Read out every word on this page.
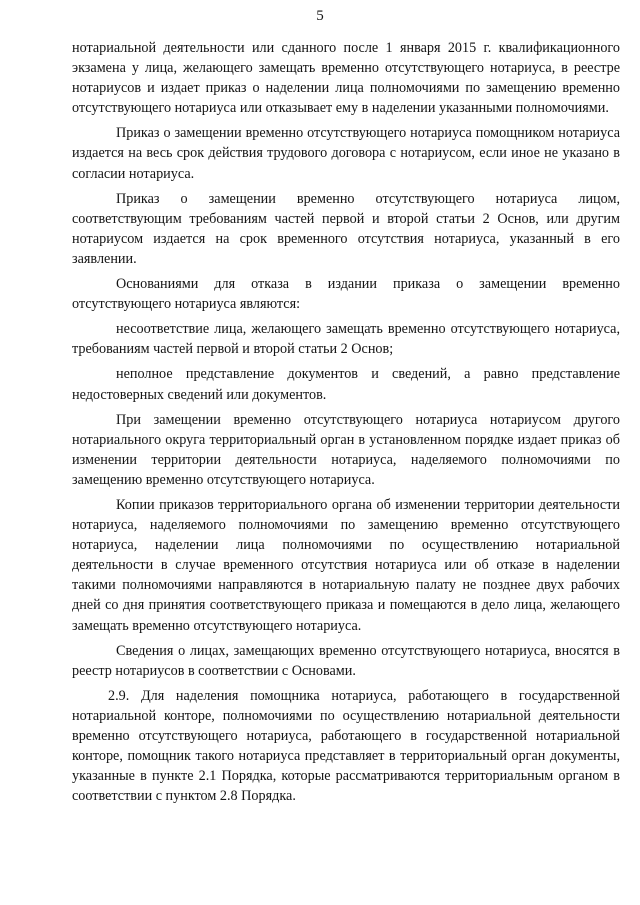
5

нотариальной деятельности или сданного после 1 января 2015 г. квалификационного экзамена у лица, желающего замещать временно отсутствующего нотариуса, в реестре нотариусов и издает приказ о наделении лица полномочиями по замещению временно отсутствующего нотариуса или отказывает ему в наделении указанными полномочиями.

Приказ о замещении временно отсутствующего нотариуса помощником нотариуса издается на весь срок действия трудового договора с нотариусом, если иное не указано в согласии нотариуса.

Приказ о замещении временно отсутствующего нотариуса лицом, соответствующим требованиям частей первой и второй статьи 2 Основ, или другим нотариусом издается на срок временного отсутствия нотариуса, указанный в его заявлении.

Основаниями для отказа в издании приказа о замещении временно отсутствующего нотариуса являются:

несоответствие лица, желающего замещать временно отсутствующего нотариуса, требованиям частей первой и второй статьи 2 Основ;

неполное представление документов и сведений, а равно представление недостоверных сведений или документов.

При замещении временно отсутствующего нотариуса нотариусом другого нотариального округа территориальный орган в установленном порядке издает приказ об изменении территории деятельности нотариуса, наделяемого полномочиями по замещению временно отсутствующего нотариуса.

Копии приказов территориального органа об изменении территории деятельности нотариуса, наделяемого полномочиями по замещению временно отсутствующего нотариуса, наделении лица полномочиями по осуществлению нотариальной деятельности в случае временного отсутствия нотариуса или об отказе в наделении такими полномочиями направляются в нотариальную палату не позднее двух рабочих дней со дня принятия соответствующего приказа и помещаются в дело лица, желающего замещать временно отсутствующего нотариуса.

Сведения о лицах, замещающих временно отсутствующего нотариуса, вносятся в реестр нотариусов в соответствии с Основами.

2.9. Для наделения помощника нотариуса, работающего в государственной нотариальной конторе, полномочиями по осуществлению нотариальной деятельности временно отсутствующего нотариуса, работающего в государственной нотариальной конторе, помощник такого нотариуса представляет в территориальный орган документы, указанные в пункте 2.1 Порядка, которые рассматриваются территориальным органом в соответствии с пунктом 2.8 Порядка.
